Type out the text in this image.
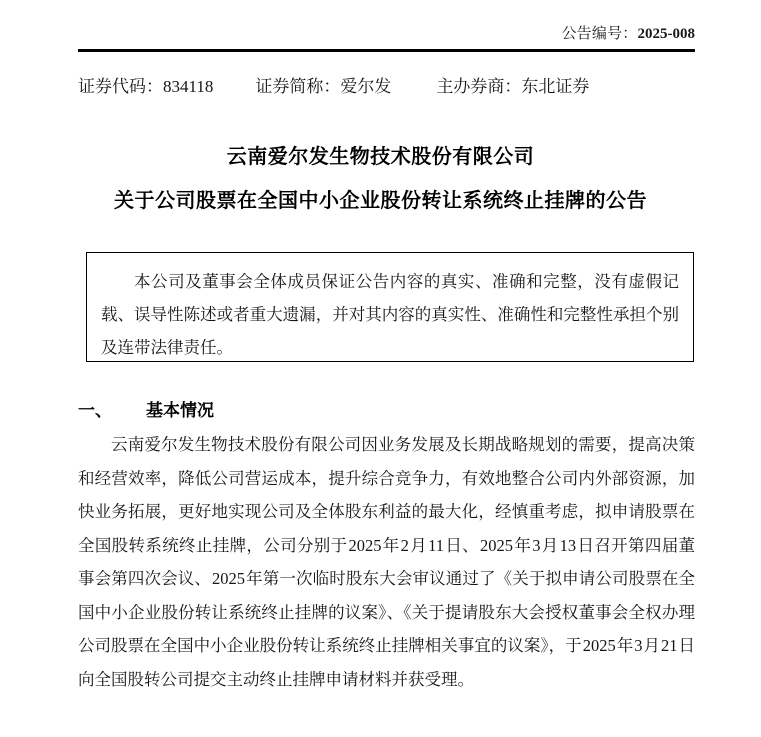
公告编号：2025-008
证券代码：834118 证券简称：爱尔发	主办券商：东北证券
云南爱尔发生物技术股份有限公司
关于公司股票在全国中小企业股份转让系统终止挂牌的公告

本公司及董事会全体成员保证公告内容的真实、准确和完整，没有虚假记载、误导性陈述或者重大遗漏，并对其内容的真实性、准确性和完整性承担个别及连带法律责任。

一、 基本情况

云南爱尔发生物技术股份有限公司因业务发展及长期战略规划的需要，提高决策和经营效率，降低公司营运成本，提升综合竞争力，有效地整合公司内外部资源，加快业务拓展，更好地实现公司及全体股东利益的最大化，经慎重考虑，拟申请股票在全国股转系统终止挂牌，公司分别于2025年2月11日、2025年3月13日召开第四届董事会第四次会议、2025年第一次临时股东大会审议通过了《关于拟申请公司股票在全国中小企业股份转让系统终止挂牌的议案》、《关于提请股东大会授权董事会全权办理公司股票在全国中小企业股份转让系统终止挂牌相关事宜的议案》，于2025年3月21日向全国股转公司提交主动终止挂牌申请材料并获受理。
